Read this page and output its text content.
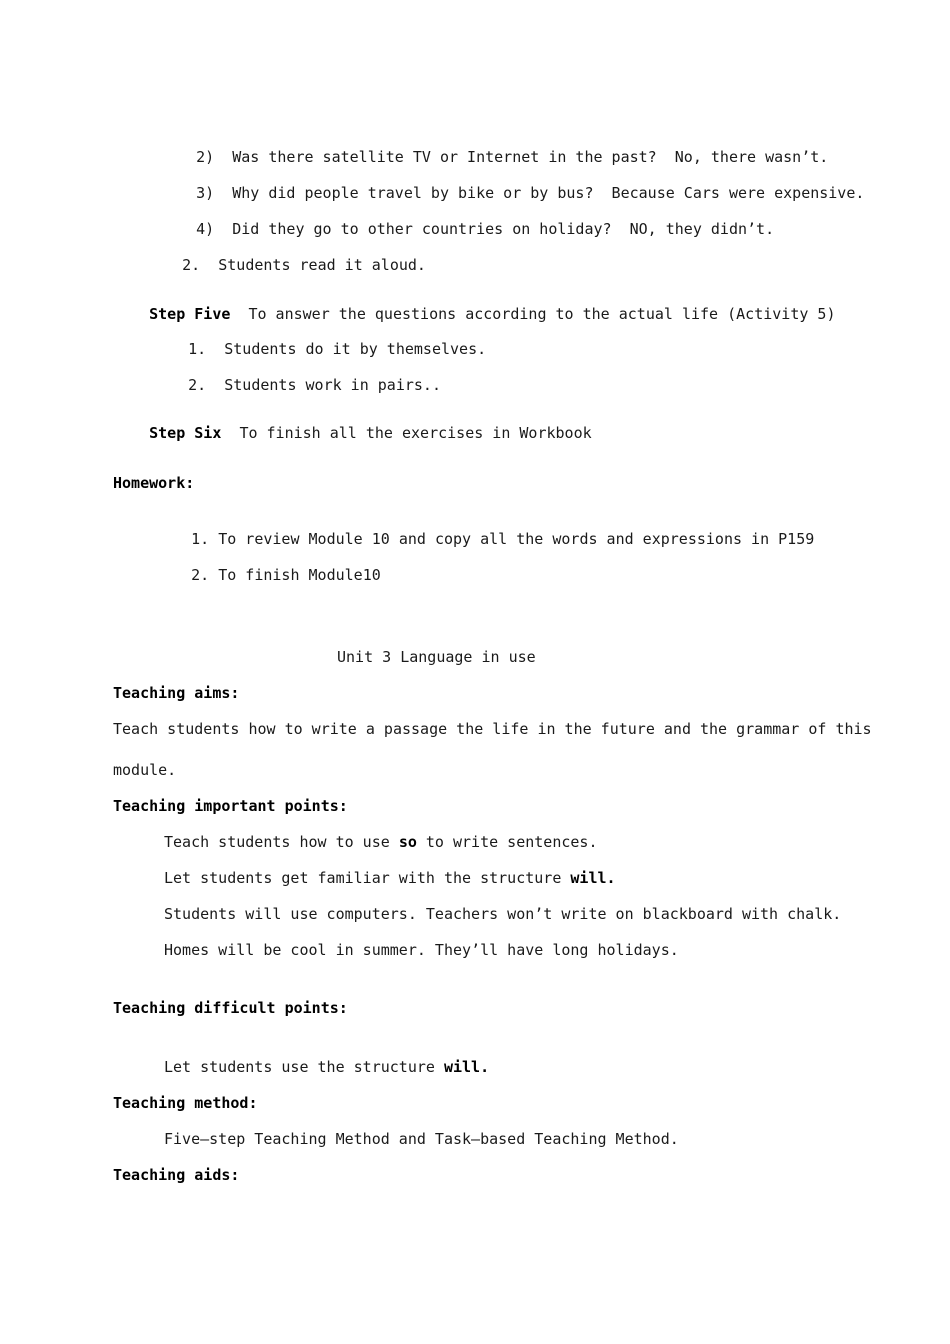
2) Was there satellite TV or Internet in the past?  No, there wasn’t.

3) Why did people travel by bike or by bus?  Because Cars were expensive.

4) Did they go to other countries on holiday?  NO, they didn’t.

2. Students read it aloud.

Step Five To answer the questions according to the actual life (Activity 5)

1. Students do it by themselves.

2. Students work in pairs..

Step Six To finish all the exercises in Workbook

Homework:

1. To review Module 10 and copy all the words and expressions in P159

2. To finish Module10

Unit 3 Language in use
Teaching aims:
Teach students how to write a passage the life in the future and the grammar of this
module.
Teaching important points:
Teach students how to use so to write sentences.
Let students get familiar with the structure will.
Students will use computers. Teachers won’t write on blackboard with chalk.
Homes will be cool in summer. They’ll have long holidays.
Teaching difficult points:
Let students use the structure will.
Teaching method:
Five—step Teaching Method and Task—based Teaching Method.
Teaching aids:
